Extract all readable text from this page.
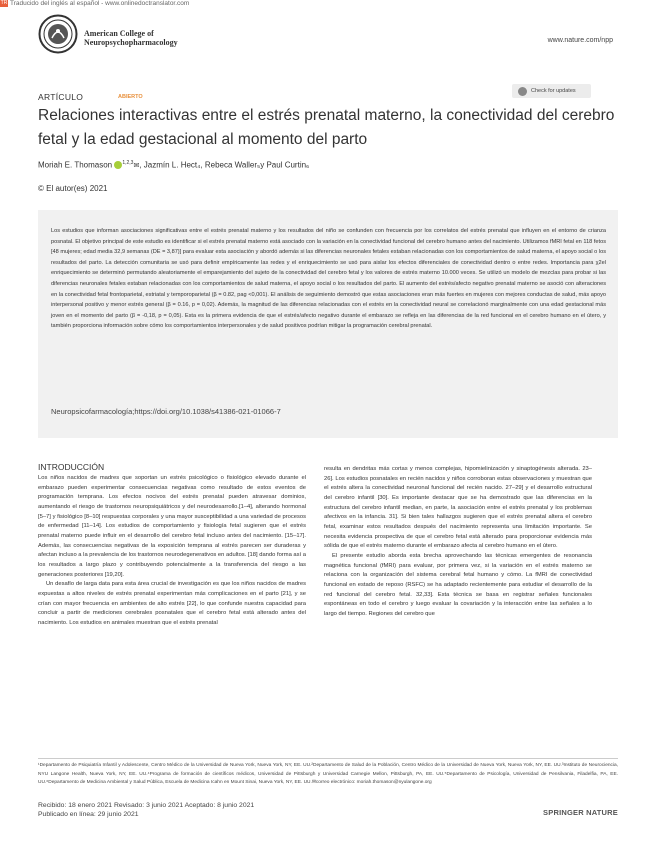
TR Traducido del inglés al español - www.onlinedoctranslator.com
American College of
Neuropsychopharmacology	www.nature.com/npp
ARTÍCULO	ABIERTO
Check for updates
Relaciones interactivas entre el estrés prenatal materno, la conectividad del cerebro fetal y la edad gestacional al momento del parto
Moriah E. Thomason $^{1,2,3}$✉, Jazmín L. Hect₄, Rebeca Waller₅y Paul Curtin₆
© El autor(es) 2021

Los estudios que informan asociaciones significativas entre el estrés prenatal materno y los resultados del niño se confunden con frecuencia por los correlatos del estrés prenatal que influyen en el entorno de crianza posnatal. El objetivo principal de este estudio es identificar si el estrés prenatal materno está asociado con la variación en la conectividad funcional del cerebro humano antes del nacimiento. Utilizamos fMRI fetal en 118 fetos [48 mujeres; edad media 32,9 semanas (DE = 3,87)] para evaluar esta asociación y abordó además si las diferencias neuronales fetales estaban relacionadas con los comportamientos de salud materna, el apoyo social o los resultados del parto. La detección comunitaria se usó para definir empíricamente las redes y el enriquecimiento se usó para aislar los efectos diferenciales de conectividad dentro o entre redes. Importancia para χ2el enriquecimiento se determinó permutando aleatoriamente el emparejamiento del sujeto de la conectividad del cerebro fetal y los valores de estrés materno 10.000 veces. Se utilizó un modelo de mezclas para probar si las diferencias neuronales fetales estaban relacionadas con los comportamientos de salud materna, el apoyo social o los resultados del parto. El aumento del estrés/afecto negativo prenatal materno se asoció con alteraciones en la conectividad fetal frontoparietal, estriatal y temporoparietal (β = 0.82, pag <0,001). El análisis de seguimiento demostró que estas asociaciones eran más fuertes en mujeres con mejores conductas de salud, más apoyo interpersonal positivo y menor estrés general (β = 0.16, p = 0,02). Además, la magnitud de las diferencias relacionadas con el estrés en la conectividad neural se correlacionó marginalmente con una edad gestacional más joven en el momento del parto (β = -0,18, p = 0,05). Esta es la primera evidencia de que el estrés/afecto negativo durante el embarazo se refleja en las diferencias de la red funcional en el cerebro humano en el útero, y también proporciona información sobre cómo los comportamientos interpersonales y de salud positivos podrían mitigar la programación cerebral prenatal.

Neuropsicofarmacología;https://doi.org/10.1038/s41386-021-01066-7
INTRODUCCIÓN

Los niños nacidos de madres que soportan un estrés psicológico o fisiológico elevado durante el embarazo pueden experimentar consecuencias negativas como resultado de estos eventos de programación temprana. Los efectos nocivos del estrés prenatal pueden atravesar dominios, aumentando el riesgo de trastornos neuropsiquiátricos y del neurodesarrollo.[1–4], alterando hormonal [5–7] y fisiológico [8–10] respuestas corporales y una mayor susceptibilidad a una variedad de procesos de enfermedad [11–14]. Los estudios de comportamiento y fisiología fetal sugieren que el estrés prenatal materno puede influir en el desarrollo del cerebro fetal incluso antes del nacimiento. [15–17]. Además, las consecuencias negativas de la exposición temprana al estrés parecen ser duraderas y afectan incluso a la prevalencia de los trastornos neurodegenerativos en adultos. [18] dando forma así a los resultados a largo plazo y contribuyendo potencialmente a la transferencia del riesgo a las generaciones posteriores [19,20].

Un desafío de larga data para esta área crucial de investigación es que los niños nacidos de madres expuestas a altos niveles de estrés prenatal experimentan más complicaciones en el parto [21], y se crían con mayor frecuencia en ambientes de alto estrés [22], lo que confunde nuestra capacidad para concluir a partir de mediciones cerebrales posnatales que el cerebro fetal está alterado antes del nacimiento. Los estudios en animales muestran que el estrés prenatal

resulta en dendritas más cortas y menos complejas, hipomielinización y sinaptogénesis alterada. 23–26]. Los estudios posnatales en recién nacidos y niños corroboran estas observaciones y muestran que el estrés altera la conectividad neuronal funcional del recién nacido. 27–29] y el desarrollo estructural del cerebro infantil [30]. Es importante destacar que se ha demostrado que las diferencias en la estructura del cerebro infantil median, en parte, la asociación entre el estrés prenatal y los problemas afectivos en la infancia. 31]. Si bien tales hallazgos sugieren que el estrés prenatal altera el cerebro fetal, examinar estos resultados después del nacimiento representa una limitación importante. Se necesita evidencia prospectiva de que el cerebro fetal está alterado para proporcionar evidencia más sólida de que el estrés materno durante el embarazo afecta al cerebro humano en el útero.

El presente estudio aborda esta brecha aprovechando las técnicas emergentes de resonancia magnética funcional (fMRI) para evaluar, por primera vez, si la variación en el estrés materno se relaciona con la organización del sistema cerebral fetal humano y cómo. La fMRI de conectividad funcional en estado de reposo (RSFC) se ha adaptado recientemente para estudiar el desarrollo de la red funcional del cerebro fetal. 32,33]. Esta técnica se basa en registrar señales funcionales espontáneas en todo el cerebro y luego evaluar la covariación y la interacción entre las señales a lo largo del tiempo. Regiones del cerebro que

¹Departamento de Psiquiatría Infantil y Adolescente, Centro Médico de la Universidad de Nueva York, Nueva York, NY, EE. UU.²Departamento de Salud de la Población, Centro Médico de la Universidad de Nueva York, Nueva York, NY, EE. UU.³Instituto de Neurociencia, NYU Langone Health, Nueva York, NY, EE. UU.⁴Programa de formación de científicos médicos, Universidad de Pittsburgh y Universidad Carnegie Mellon, Pittsburgh, PA, EE. UU.⁵Departamento de Psicología, Universidad de Pensilvania, Filadelfia, PA, EE. UU.⁶Departamento de Medicina Ambiental y Salud Pública, Escuela de Medicina Icahn en Mount Sinai, Nueva York, NY, EE. UU.✉correo electrónico: moriah.thomason@nyulangone.org
Recibido: 18 enero 2021 Revisado: 3 junio 2021 Aceptado: 8 junio 2021
Publicado en línea: 29 junio 2021	SPRINGER NATURE
